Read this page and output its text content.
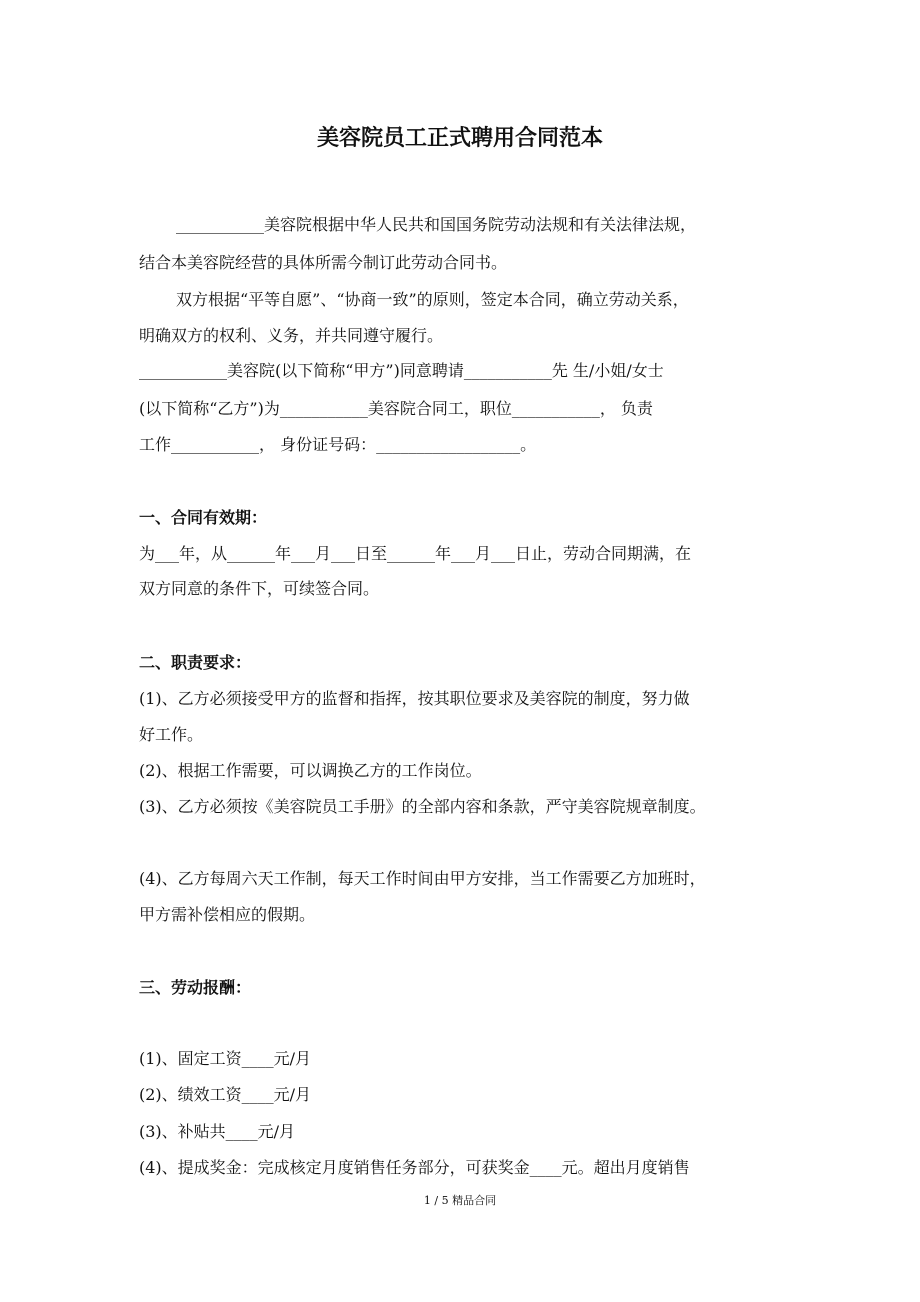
美容院员工正式聘用合同范本
___________美容院根据中华人民共和国国务院劳动法规和有关法律法规，
结合本美容院经营的具体所需今制订此劳动合同书。
双方根据“平等自愿”、“协商一致”的原则，签定本合同，确立劳动关系，
明确双方的权利、义务，并共同遵守履行。
___________美容院(以下简称“甲方”)同意聘请___________先 生/小姐/女士
(以下简称“乙方”)为___________美容院合同工，职位___________， 负责
工作___________， 身份证号码：__________________。
一、合同有效期：
为___年，从______年___月___日至______年___月___日止，劳动合同期满，在
双方同意的条件下，可续签合同。
二、职责要求：
(1)、乙方必须接受甲方的监督和指挥，按其职位要求及美容院的制度，努力做
好工作。
(2)、根据工作需要，可以调换乙方的工作岗位。
(3)、乙方必须按《美容院员工手册》的全部内容和条款，严守美容院规章制度。
(4)、乙方每周六天工作制，每天工作时间由甲方安排，当工作需要乙方加班时，
甲方需补偿相应的假期。
三、劳动报酬：
(1)、固定工资____元/月
(2)、绩效工资____元/月
(3)、补贴共____元/月
(4)、提成奖金：完成核定月度销售任务部分，可获奖金____元。超出月度销售
1 / 5 精品合同
